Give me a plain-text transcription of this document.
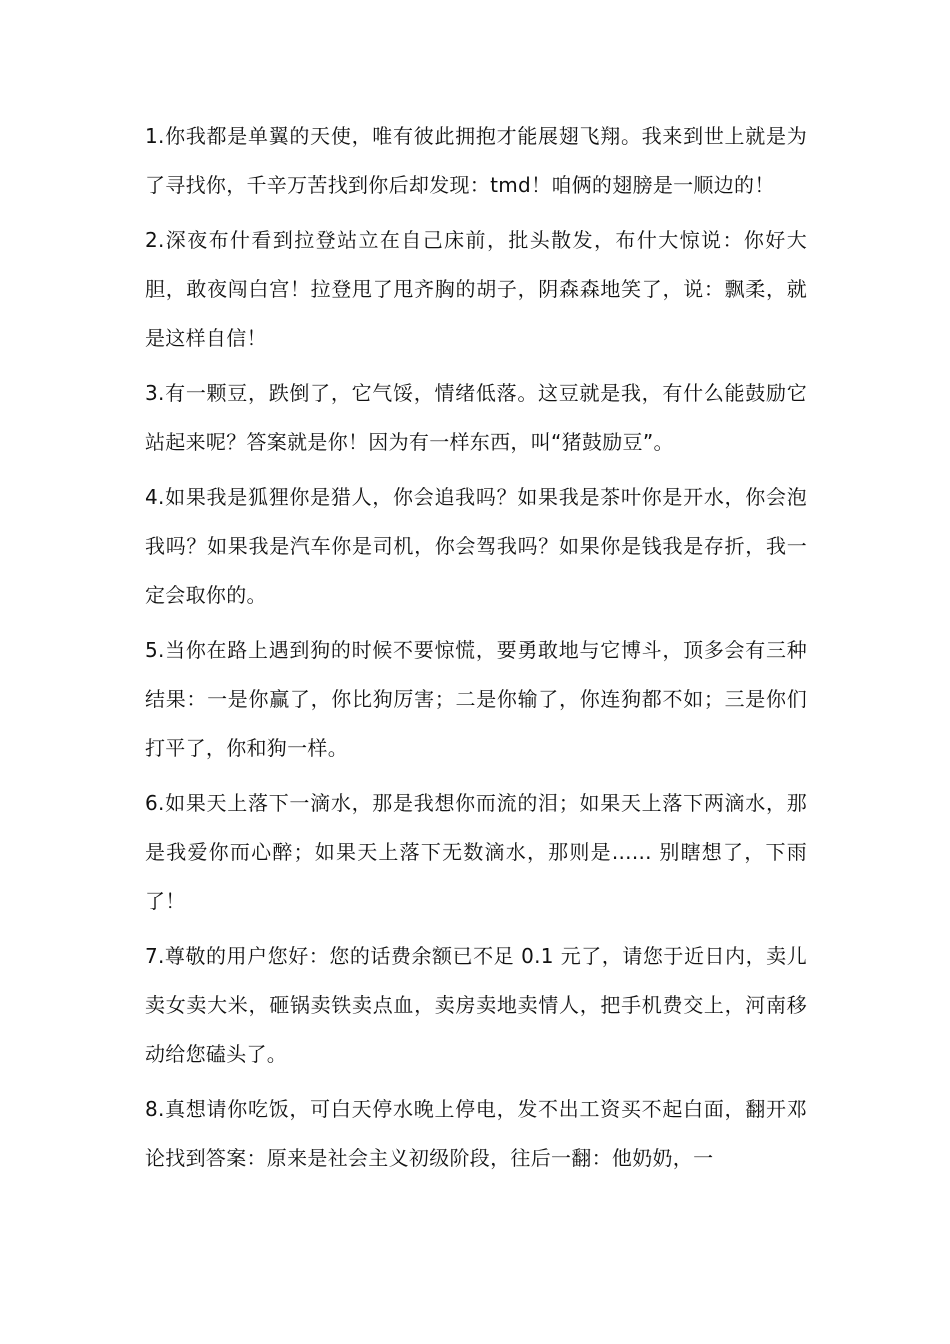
1.你我都是单翼的天使，唯有彼此拥抱才能展翅飞翔。我来到世上就是为了寻找你，千辛万苦找到你后却发现：tmd！咱俩的翅膀是一顺边的！

2.深夜布什看到拉登站立在自己床前，批头散发，布什大惊说：你好大胆，敢夜闯白宫！拉登甩了甩齐胸的胡子，阴森森地笑了，说：飘柔，就是这样自信！

3.有一颗豆，跌倒了，它气馁，情绪低落。这豆就是我，有什么能鼓励它站起来呢？答案就是你！因为有一样东西，叫“猪鼓励豆”。

4.如果我是狐狸你是猎人，你会追我吗？如果我是茶叶你是开水，你会泡我吗？如果我是汽车你是司机，你会驾我吗？如果你是钱我是存折，我一定会取你的。

5.当你在路上遇到狗的时候不要惊慌，要勇敢地与它博斗，顶多会有三种结果：一是你赢了，你比狗厉害；二是你输了，你连狗都不如；三是你们打平了，你和狗一样。

6.如果天上落下一滴水，那是我想你而流的泪；如果天上落下两滴水，那是我爱你而心醉；如果天上落下无数滴水，那则是...... 别瞎想了，下雨了！

7.尊敬的用户您好：您的话费余额已不足 0.1 元了，请您于近日内，卖儿卖女卖大米，砸锅卖铁卖点血，卖房卖地卖情人，把手机费交上，河南移动给您磕头了。

8.真想请你吃饭，可白天停水晚上停电，发不出工资买不起白面，翻开邓论找到答案：原来是社会主义初级阶段，往后一翻：他奶奶，一
